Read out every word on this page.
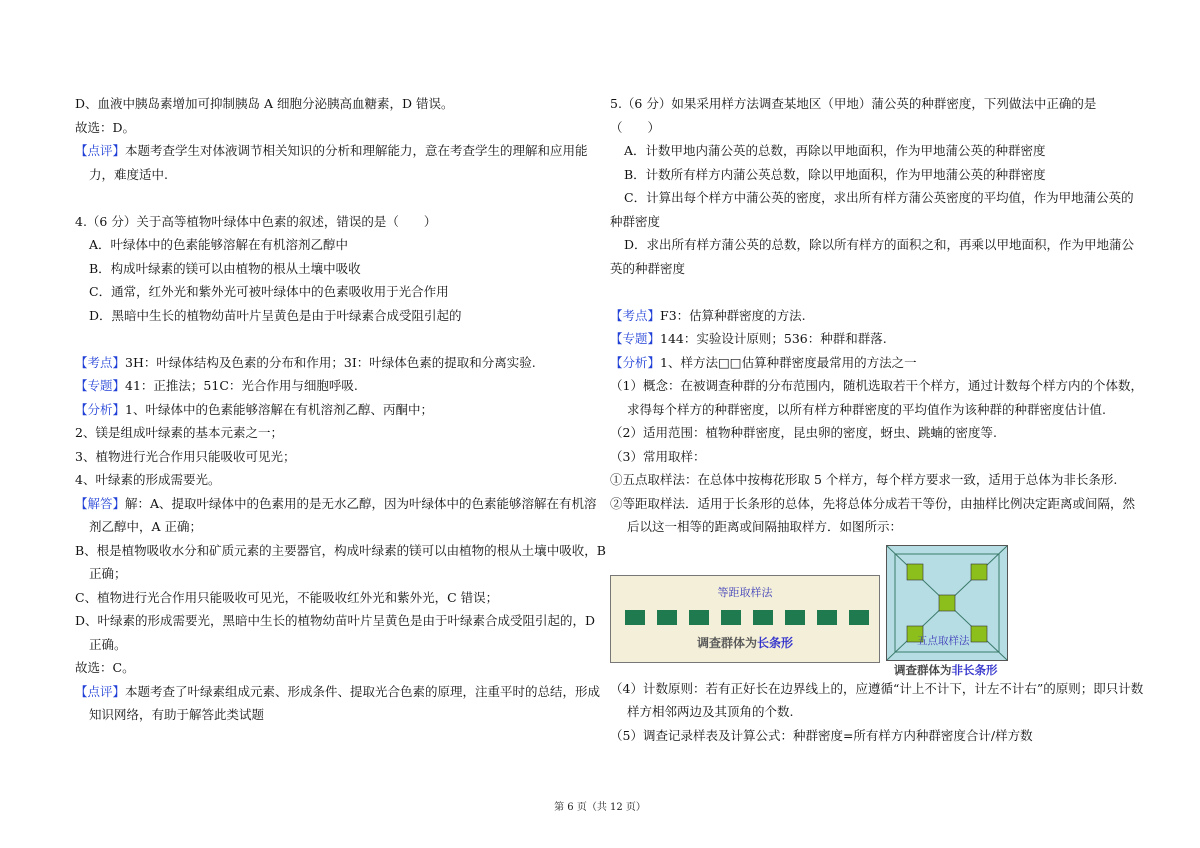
D、血液中胰岛素增加可抑制胰岛 A 细胞分泌胰高血糖素，D 错误。
故选：D。
【点评】本题考查学生对体液调节相关知识的分析和理解能力，意在考查学生的理解和应用能
力，难度适中.
4.（6 分）关于高等植物叶绿体中色素的叙述，错误的是（　　）
A．叶绿体中的色素能够溶解在有机溶剂乙醇中
B．构成叶绿素的镁可以由植物的根从土壤中吸收
C．通常，红外光和紫外光可被叶绿体中的色素吸收用于光合作用
D．黑暗中生长的植物幼苗叶片呈黄色是由于叶绿素合成受阻引起的
【考点】3H：叶绿体结构及色素的分布和作用；3I：叶绿体色素的提取和分离实验.
【专题】41：正推法；51C：光合作用与细胞呼吸.
【分析】1、叶绿体中的色素能够溶解在有机溶剂乙醇、丙酮中；
2、镁是组成叶绿素的基本元素之一；
3、植物进行光合作用只能吸收可见光；
4、叶绿素的形成需要光。
【解答】解：A、提取叶绿体中的色素用的是无水乙醇，因为叶绿体中的色素能够溶解在有机溶
剂乙醇中，A 正确；
B、根是植物吸收水分和矿质元素的主要器官，构成叶绿素的镁可以由植物的根从土壤中吸收，B
正确；
C、植物进行光合作用只能吸收可见光，不能吸收红外光和紫外光，C 错误；
D、叶绿素的形成需要光，黑暗中生长的植物幼苗叶片呈黄色是由于叶绿素合成受阻引起的，D
正确。
故选：C。
【点评】本题考查了叶绿素组成元素、形成条件、提取光合色素的原理，注重平时的总结，形成
知识网络，有助于解答此类试题
5.（6 分）如果采用样方法调查某地区（甲地）蒲公英的种群密度，下列做法中正确的是
（　　）
A．计数甲地内蒲公英的总数，再除以甲地面积，作为甲地蒲公英的种群密度
B．计数所有样方内蒲公英总数，除以甲地面积，作为甲地蒲公英的种群密度
C．计算出每个样方中蒲公英的密度，求出所有样方蒲公英密度的平均值，作为甲地蒲公英的
种群密度
D．求出所有样方蒲公英的总数，除以所有样方的面积之和，再乘以甲地面积，作为甲地蒲公
英的种群密度
【考点】F3：估算种群密度的方法.
【专题】144：实验设计原则；536：种群和群落.
【分析】1、样方法□□估算种群密度最常用的方法之一
（1）概念：在被调查种群的分布范围内，随机选取若干个样方，通过计数每个样方内的个体数，
求得每个样方的种群密度，以所有样方种群密度的平均值作为该种群的种群密度估计值.
（2）适用范围：植物种群密度，昆虫卵的密度，蚜虫、跳蝻的密度等.
（3）常用取样：
①五点取样法：在总体中按梅花形取 5 个样方，每个样方要求一致，适用于总体为非长条形.
②等距取样法．适用于长条形的总体，先将总体分成若干等份，由抽样比例决定距离或间隔，然
后以这一相等的距离或间隔抽取样方．如图所示：
等距取样法
调查群体为长条形	五点取样法
调查群体为非长条形
（4）计数原则：若有正好长在边界线上的，应遵循“计上不计下，计左不计右”的原则；即只计数
样方相邻两边及其顶角的个数.
（5）调查记录样表及计算公式：种群密度=所有样方内种群密度合计/样方数
第 6 页（共 12 页）
